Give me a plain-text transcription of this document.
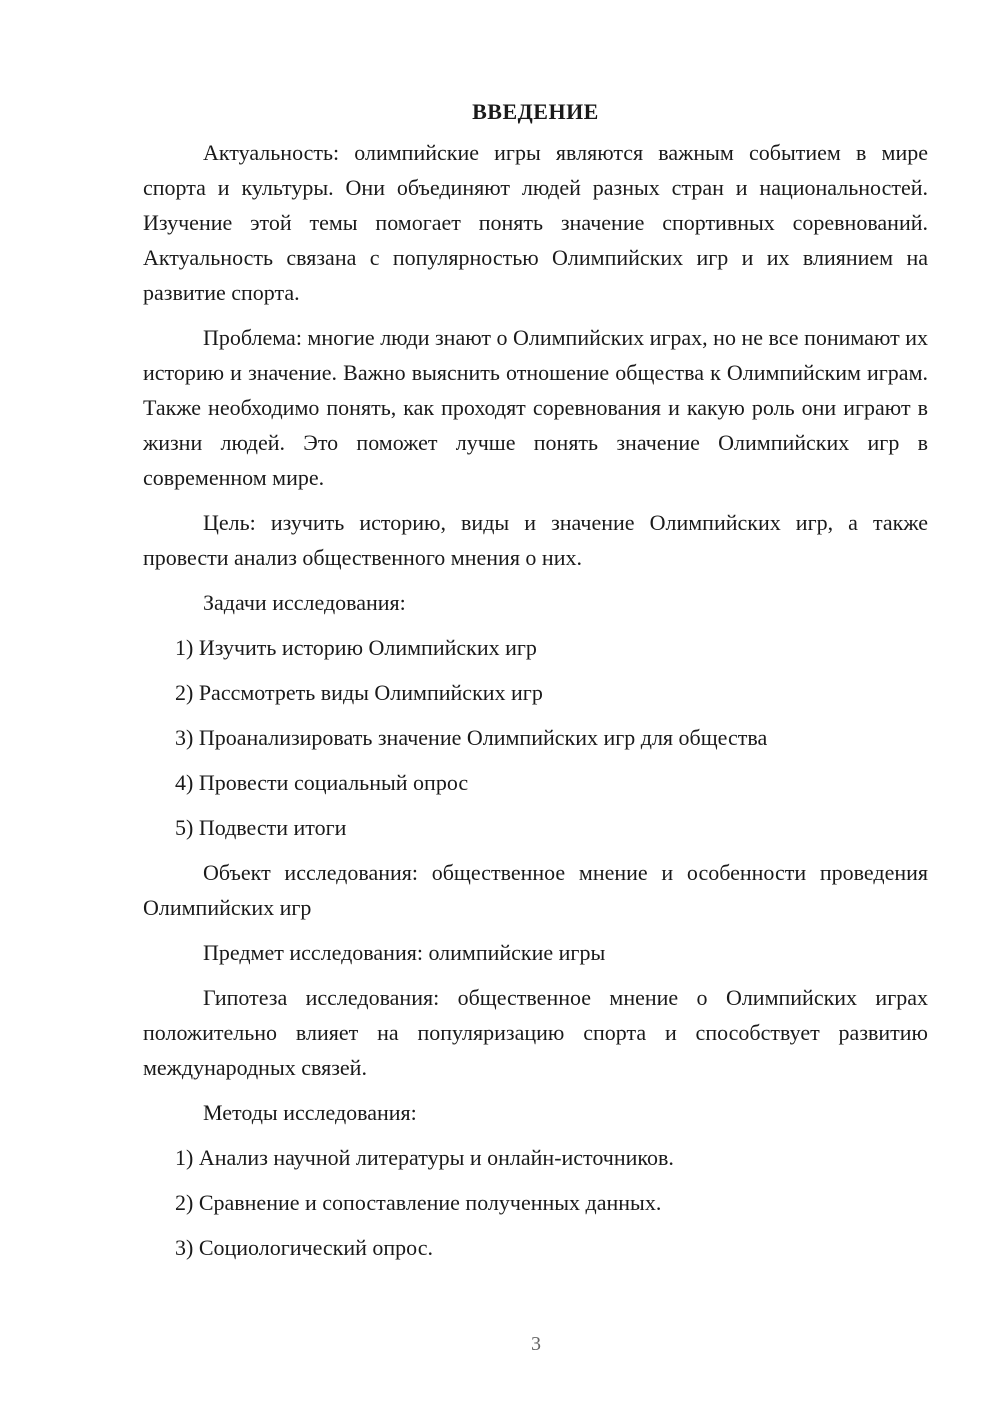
ВВЕДЕНИЕ

Актуальность: олимпийские игры являются важным событием в мире спорта и культуры. Они объединяют людей разных стран и национальностей. Изучение этой темы помогает понять значение спортивных соревнований. Актуальность связана с популярностью Олимпийских игр и их влиянием на развитие спорта.

Проблема: многие люди знают о Олимпийских играх, но не все понимают их историю и значение. Важно выяснить отношение общества к Олимпийским играм. Также необходимо понять, как проходят соревнования и какую роль они играют в жизни людей. Это поможет лучше понять значение Олимпийских игр в современном мире.

Цель: изучить историю, виды и значение Олимпийских игр, а также провести анализ общественного мнения о них.

Задачи исследования:

1) Изучить историю Олимпийских игр
2) Рассмотреть виды Олимпийских игр
3) Проанализировать значение Олимпийских игр для общества
4) Провести социальный опрос
5) Подвести итоги

Объект исследования: общественное мнение и особенности проведения Олимпийских игр

Предмет исследования: олимпийские игры

Гипотеза исследования: общественное мнение о Олимпийских играх положительно влияет на популяризацию спорта и способствует развитию международных связей.

Методы исследования:

1) Анализ научной литературы и онлайн-источников.
2) Сравнение и сопоставление полученных данных.
3) Социологический опрос.
3
